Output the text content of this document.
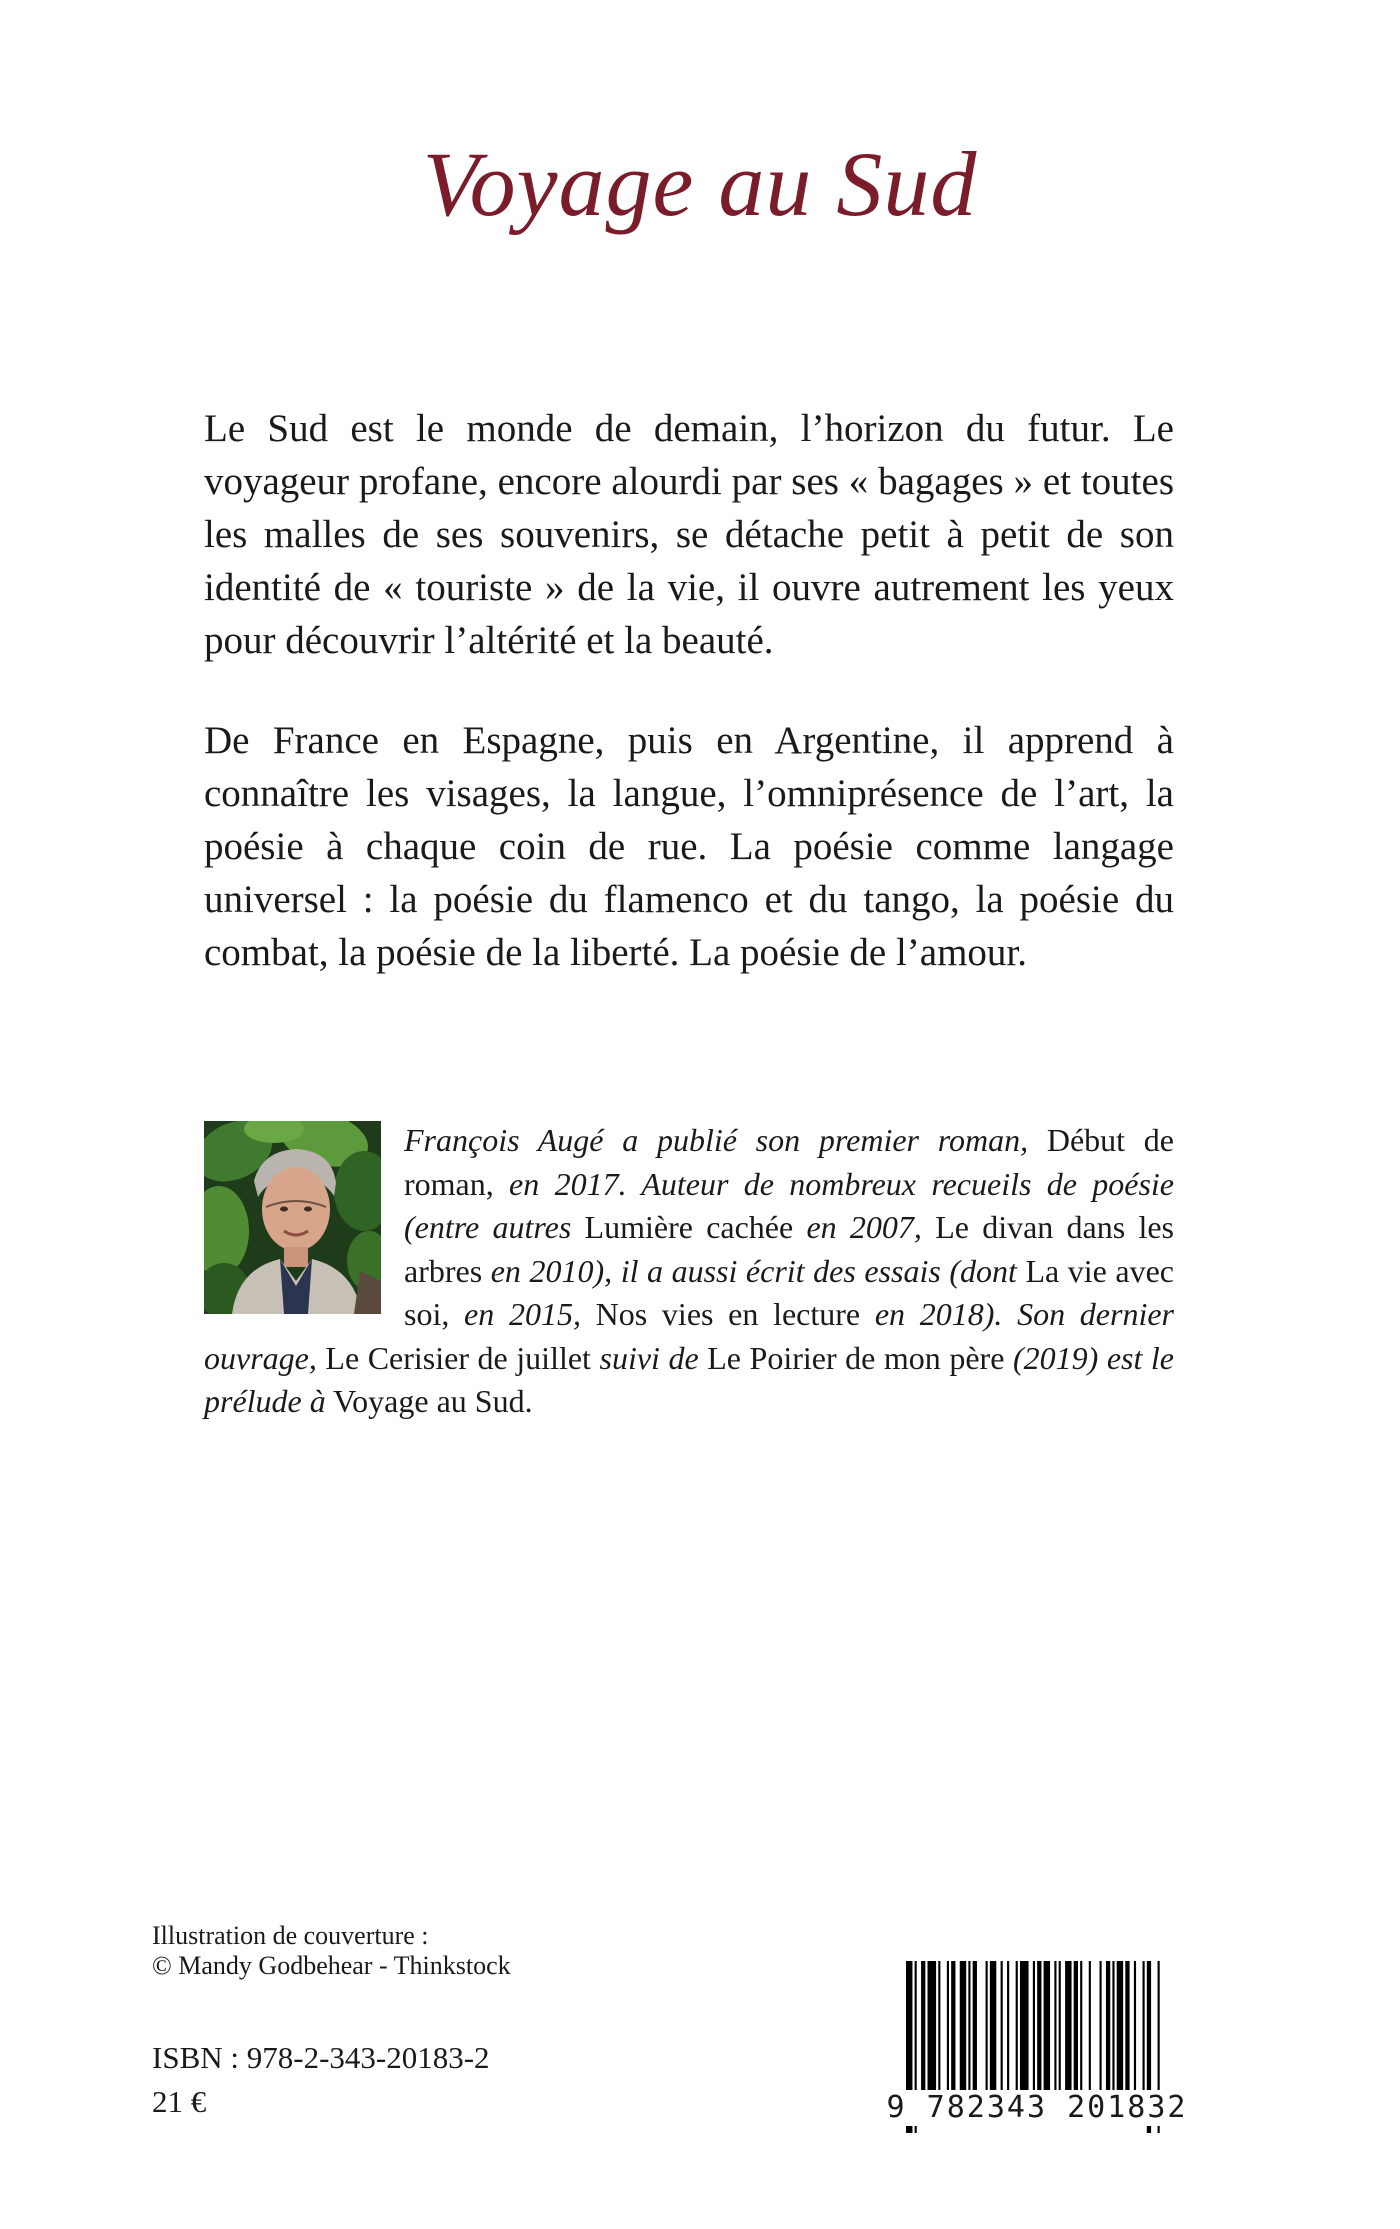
Voyage au Sud
Le Sud est le monde de demain, l’horizon du futur. Le voyageur profane, encore alourdi par ses « bagages » et toutes les malles de ses souvenirs, se détache petit à petit de son identité de « touriste » de la vie, il ouvre autrement les yeux pour découvrir l’altérité et la beauté.
De France en Espagne, puis en Argentine, il apprend à connaître les visages, la langue, l’omniprésence de l’art, la poésie à chaque coin de rue. La poésie comme langage universel : la poésie du flamenco et du tango, la poésie du combat, la poésie de la liberté. La poésie de l’amour.
François Augé a publié son premier roman, Début de roman, en 2017. Auteur de nombreux recueils de poésie (entre autres Lumière cachée en 2007, Le divan dans les arbres en 2010), il a aussi écrit des essais (dont La vie avec soi, en 2015, Nos vies en lecture en 2018). Son dernier ouvrage, Le Cerisier de juillet suivi de Le Poirier de mon père (2019) est le prélude à Voyage au Sud.
Illustration de couverture :
© Mandy Godbehear - Thinkstock
ISBN : 978-2-343-20183-2
21 €	9 782343 201832
